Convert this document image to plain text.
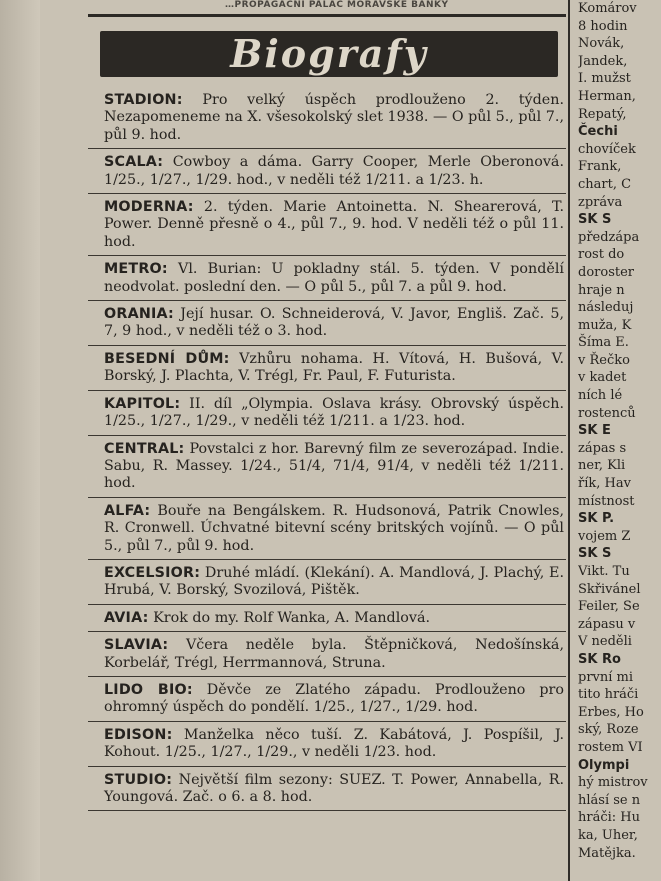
…PROPAGAČNÍ PALÁC MORAVSKÉ BANKY
Biografy
STADION: Pro velký úspěch prodlouženo 2. týden. Nezapomeneme na X. všesokolský slet 1938. — O půl 5., půl 7., půl 9. hod.
SCALA: Cowboy a dáma. Garry Cooper, Merle Oberonová. 1/25., 1/27., 1/29. hod., v neděli též 1/211. a 1/23. h.
MODERNA: 2. týden. Marie Antoinetta. N. Shearerová, T. Power. Denně přesně o 4., půl 7., 9. hod. V neděli též o půl 11. hod.
METRO: Vl. Burian: U pokladny stál. 5. týden. V pondělí neodvolat. poslední den. — O půl 5., půl 7. a půl 9. hod.
ORANIA: Její husar. O. Schneiderová, V. Javor, Engliš. Zač. 5, 7, 9 hod., v neděli též o 3. hod.
BESEDNÍ DŮM: Vzhůru nohama. H. Vítová, H. Bušová, V. Borský, J. Plachta, V. Trégl, Fr. Paul, F. Futurista.
KAPITOL: II. díl „Olympia. Oslava krásy. Obrovský úspěch. 1/25., 1/27., 1/29., v neděli též 1/211. a 1/23. hod.
CENTRAL: Povstalci z hor. Barevný film ze severozápad. Indie. Sabu, R. Massey. 1/24., 51/4, 71/4, 91/4, v neděli též 1/211. hod.
ALFA: Bouře na Bengálskem. R. Hudsonová, Patrik Cnowles, R. Cronwell. Úchvatné bitevní scény britských vojínů. — O půl 5., půl 7., půl 9. hod.
EXCELSIOR: Druhé mládí. (Klekání). A. Mandlová, J. Plachý, E. Hrubá, V. Borský, Svozilová, Pištěk.
AVIA: Krok do my. Rolf Wanka, A. Mandlová.
SLAVIA: Včera neděle byla. Štěpničková, Nedošínská, Korbelář, Trégl, Herrmannová, Struna.
LIDO BIO: Děvče ze Zlatého západu. Prodlouženo pro ohromný úspěch do pondělí. 1/25., 1/27., 1/29. hod.
EDISON: Manželka něco tuší. Z. Kabátová, J. Pospíšil, J. Kohout. 1/25., 1/27., 1/29., v neděli 1/23. hod.
STUDIO: Největší film sezony: SUEZ. T. Power, Annabella, R. Youngová. Zač. o 6. a 8. hod.
Komárov
8 hodin
Novák,
Jandek,
I. mužst
Herman,
Repatý,
Čechi
chovíček
Frank,
chart, C
zpráva
SK S
předzápa
rost do
doroster
hraje n
následuj
muža, K
Šíma E.
v Řečko
v kadet
ních lé
rostenců
SK E
zápas s
ner, Kli
řík, Hav
místnost
SK P.
vojem Z
SK S
Vikt. Tu
Skřivánel
Feiler, Se
zápasu v
V neděli
SK Ro
první mi
tito hráči
Erbes, Ho
ský, Roze
rostem VI
Olympi
hý mistrov
hlásí se n
hráči: Hu
ka, Uher,
Matějka.
